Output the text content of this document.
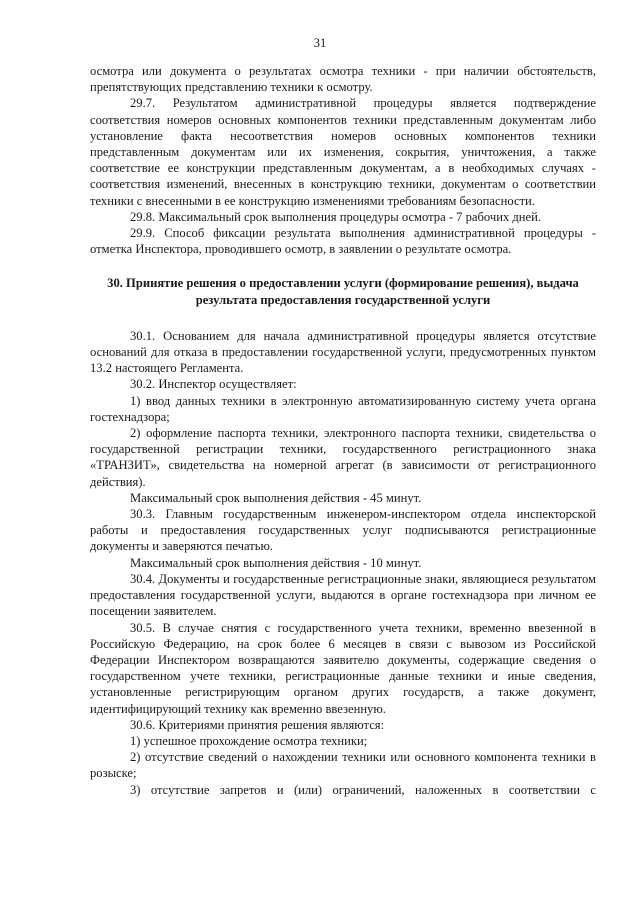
31

осмотра или документа о результатах осмотра техники - при наличии обстоятельств, препятствующих представлению техники к осмотру.

29.7. Результатом административной процедуры является подтверждение соответствия номеров основных компонентов техники представленным документам либо установление факта несоответствия номеров основных компонентов техники представленным документам или их изменения, сокрытия, уничтожения, а также соответствие ее конструкции представленным документам, а в необходимых случаях - соответствия изменений, внесенных в конструкцию техники, документам о соответствии техники с внесенными в ее конструкцию изменениями требованиям безопасности.

29.8. Максимальный срок выполнения процедуры осмотра - 7 рабочих дней.

29.9. Способ фиксации результата выполнения административной процедуры - отметка Инспектора, проводившего осмотр, в заявлении о результате осмотра.

30. Принятие решения о предоставлении услуги (формирование решения), выдача результата предоставления государственной услуги

30.1. Основанием для начала административной процедуры является отсутствие оснований для отказа в предоставлении государственной услуги, предусмотренных пунктом 13.2 настоящего Регламента.

30.2. Инспектор осуществляет:

1) ввод данных техники в электронную автоматизированную систему учета органа гостехнадзора;

2) оформление паспорта техники, электронного паспорта техники, свидетельства о государственной регистрации техники, государственного регистрационного знака «ТРАНЗИТ», свидетельства на номерной агрегат (в зависимости от регистрационного действия).

Максимальный срок выполнения действия - 45 минут.

30.3. Главным государственным инженером-инспектором отдела инспекторской работы и предоставления государственных услуг подписываются регистрационные документы и заверяются печатью.

Максимальный срок выполнения действия - 10 минут.

30.4. Документы и государственные регистрационные знаки, являющиеся результатом предоставления государственной услуги, выдаются в органе гостехнадзора при личном ее посещении заявителем.

30.5. В случае снятия с государственного учета техники, временно ввезенной в Российскую Федерацию, на срок более 6 месяцев в связи с вывозом из Российской Федерации Инспектором возвращаются заявителю документы, содержащие сведения о государственном учете техники, регистрационные данные техники и иные сведения, установленные регистрирующим органом других государств, а также документ, идентифицирующий технику как временно ввезенную.

30.6. Критериями принятия решения являются:

1) успешное прохождение осмотра техники;

2) отсутствие сведений о нахождении техники или основного компонента техники в розыске;

3) отсутствие запретов и (или) ограничений, наложенных в соответствии с
